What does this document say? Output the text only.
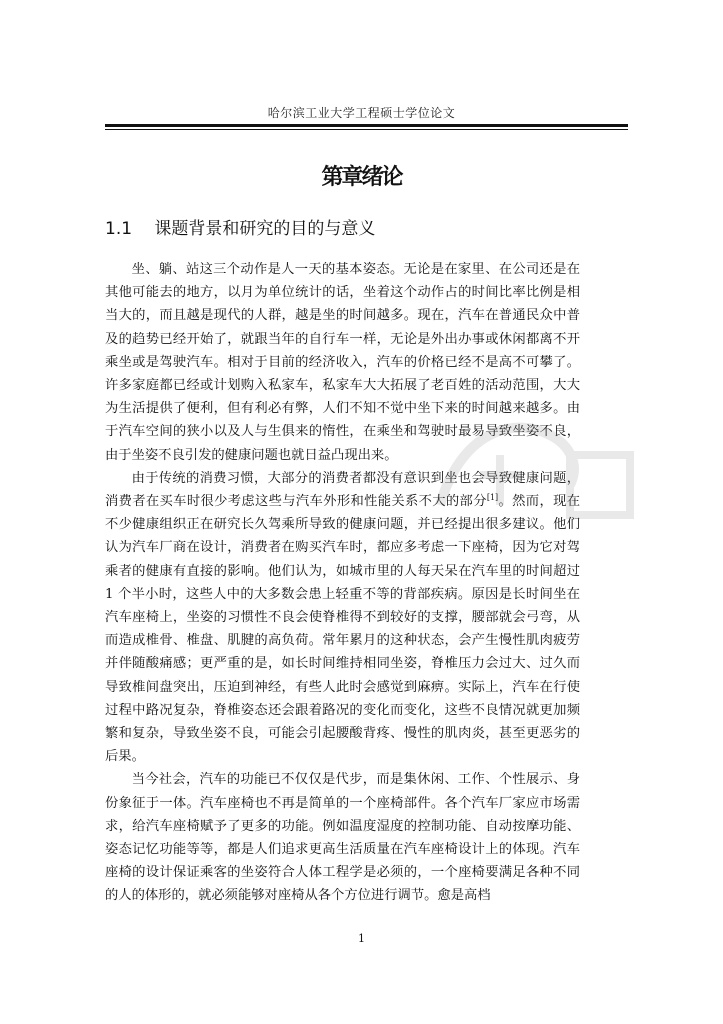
哈尔滨工业大学工程硕士学位论文
第章绪论
1.1 课题背景和研究的目的与意义

坐、躺、站这三个动作是人一天的基本姿态。无论是在家里、在公司还是在其他可能去的地方，以月为单位统计的话，坐着这个动作占的时间比率比例是相当大的，而且越是现代的人群，越是坐的时间越多。现在，汽车在普通民众中普及的趋势已经开始了，就跟当年的自行车一样，无论是外出办事或休闲都离不开乘坐或是驾驶汽车。相对于目前的经济收入，汽车的价格已经不是高不可攀了。许多家庭都已经或计划购入私家车，私家车大大拓展了老百姓的活动范围，大大为生活提供了便利，但有利必有弊，人们不知不觉中坐下来的时间越来越多。由于汽车空间的狭小以及人与生俱来的惰性，在乘坐和驾驶时最易导致坐姿不良，由于坐姿不良引发的健康问题也就日益凸现出来。

由于传统的消费习惯，大部分的消费者都没有意识到坐也会导致健康问题，消费者在买车时很少考虑这些与汽车外形和性能关系不大的部分[1]。然而，现在不少健康组织正在研究长久驾乘所导致的健康问题，并已经提出很多建议。他们认为汽车厂商在设计，消费者在购买汽车时，都应多考虑一下座椅，因为它对驾乘者的健康有直接的影响。他们认为，如城市里的人每天呆在汽车里的时间超过 1 个半小时，这些人中的大多数会患上轻重不等的背部疾病。原因是长时间坐在汽车座椅上，坐姿的习惯性不良会使脊椎得不到较好的支撑，腰部就会弓弯，从而造成椎骨、椎盘、肌腱的高负荷。常年累月的这种状态，会产生慢性肌肉疲劳并伴随酸痛感；更严重的是，如长时间维持相同坐姿，脊椎压力会过大、过久而导致椎间盘突出，压迫到神经，有些人此时会感觉到麻痹。实际上，汽车在行使过程中路况复杂，脊椎姿态还会跟着路况的变化而变化，这些不良情况就更加频繁和复杂，导致坐姿不良，可能会引起腰酸背疼、慢性的肌肉炎，甚至更恶劣的后果。

当今社会，汽车的功能已不仅仅是代步，而是集休闲、工作、个性展示、身份象征于一体。汽车座椅也不再是简单的一个座椅部件。各个汽车厂家应市场需求，给汽车座椅赋予了更多的功能。例如温度湿度的控制功能、自动按摩功能、姿态记忆功能等等，都是人们追求更高生活质量在汽车座椅设计上的体现。汽车座椅的设计保证乘客的坐姿符合人体工程学是必须的，一个座椅要满足各种不同的人的体形的，就必须能够对座椅从各个方位进行调节。愈是高档

1
